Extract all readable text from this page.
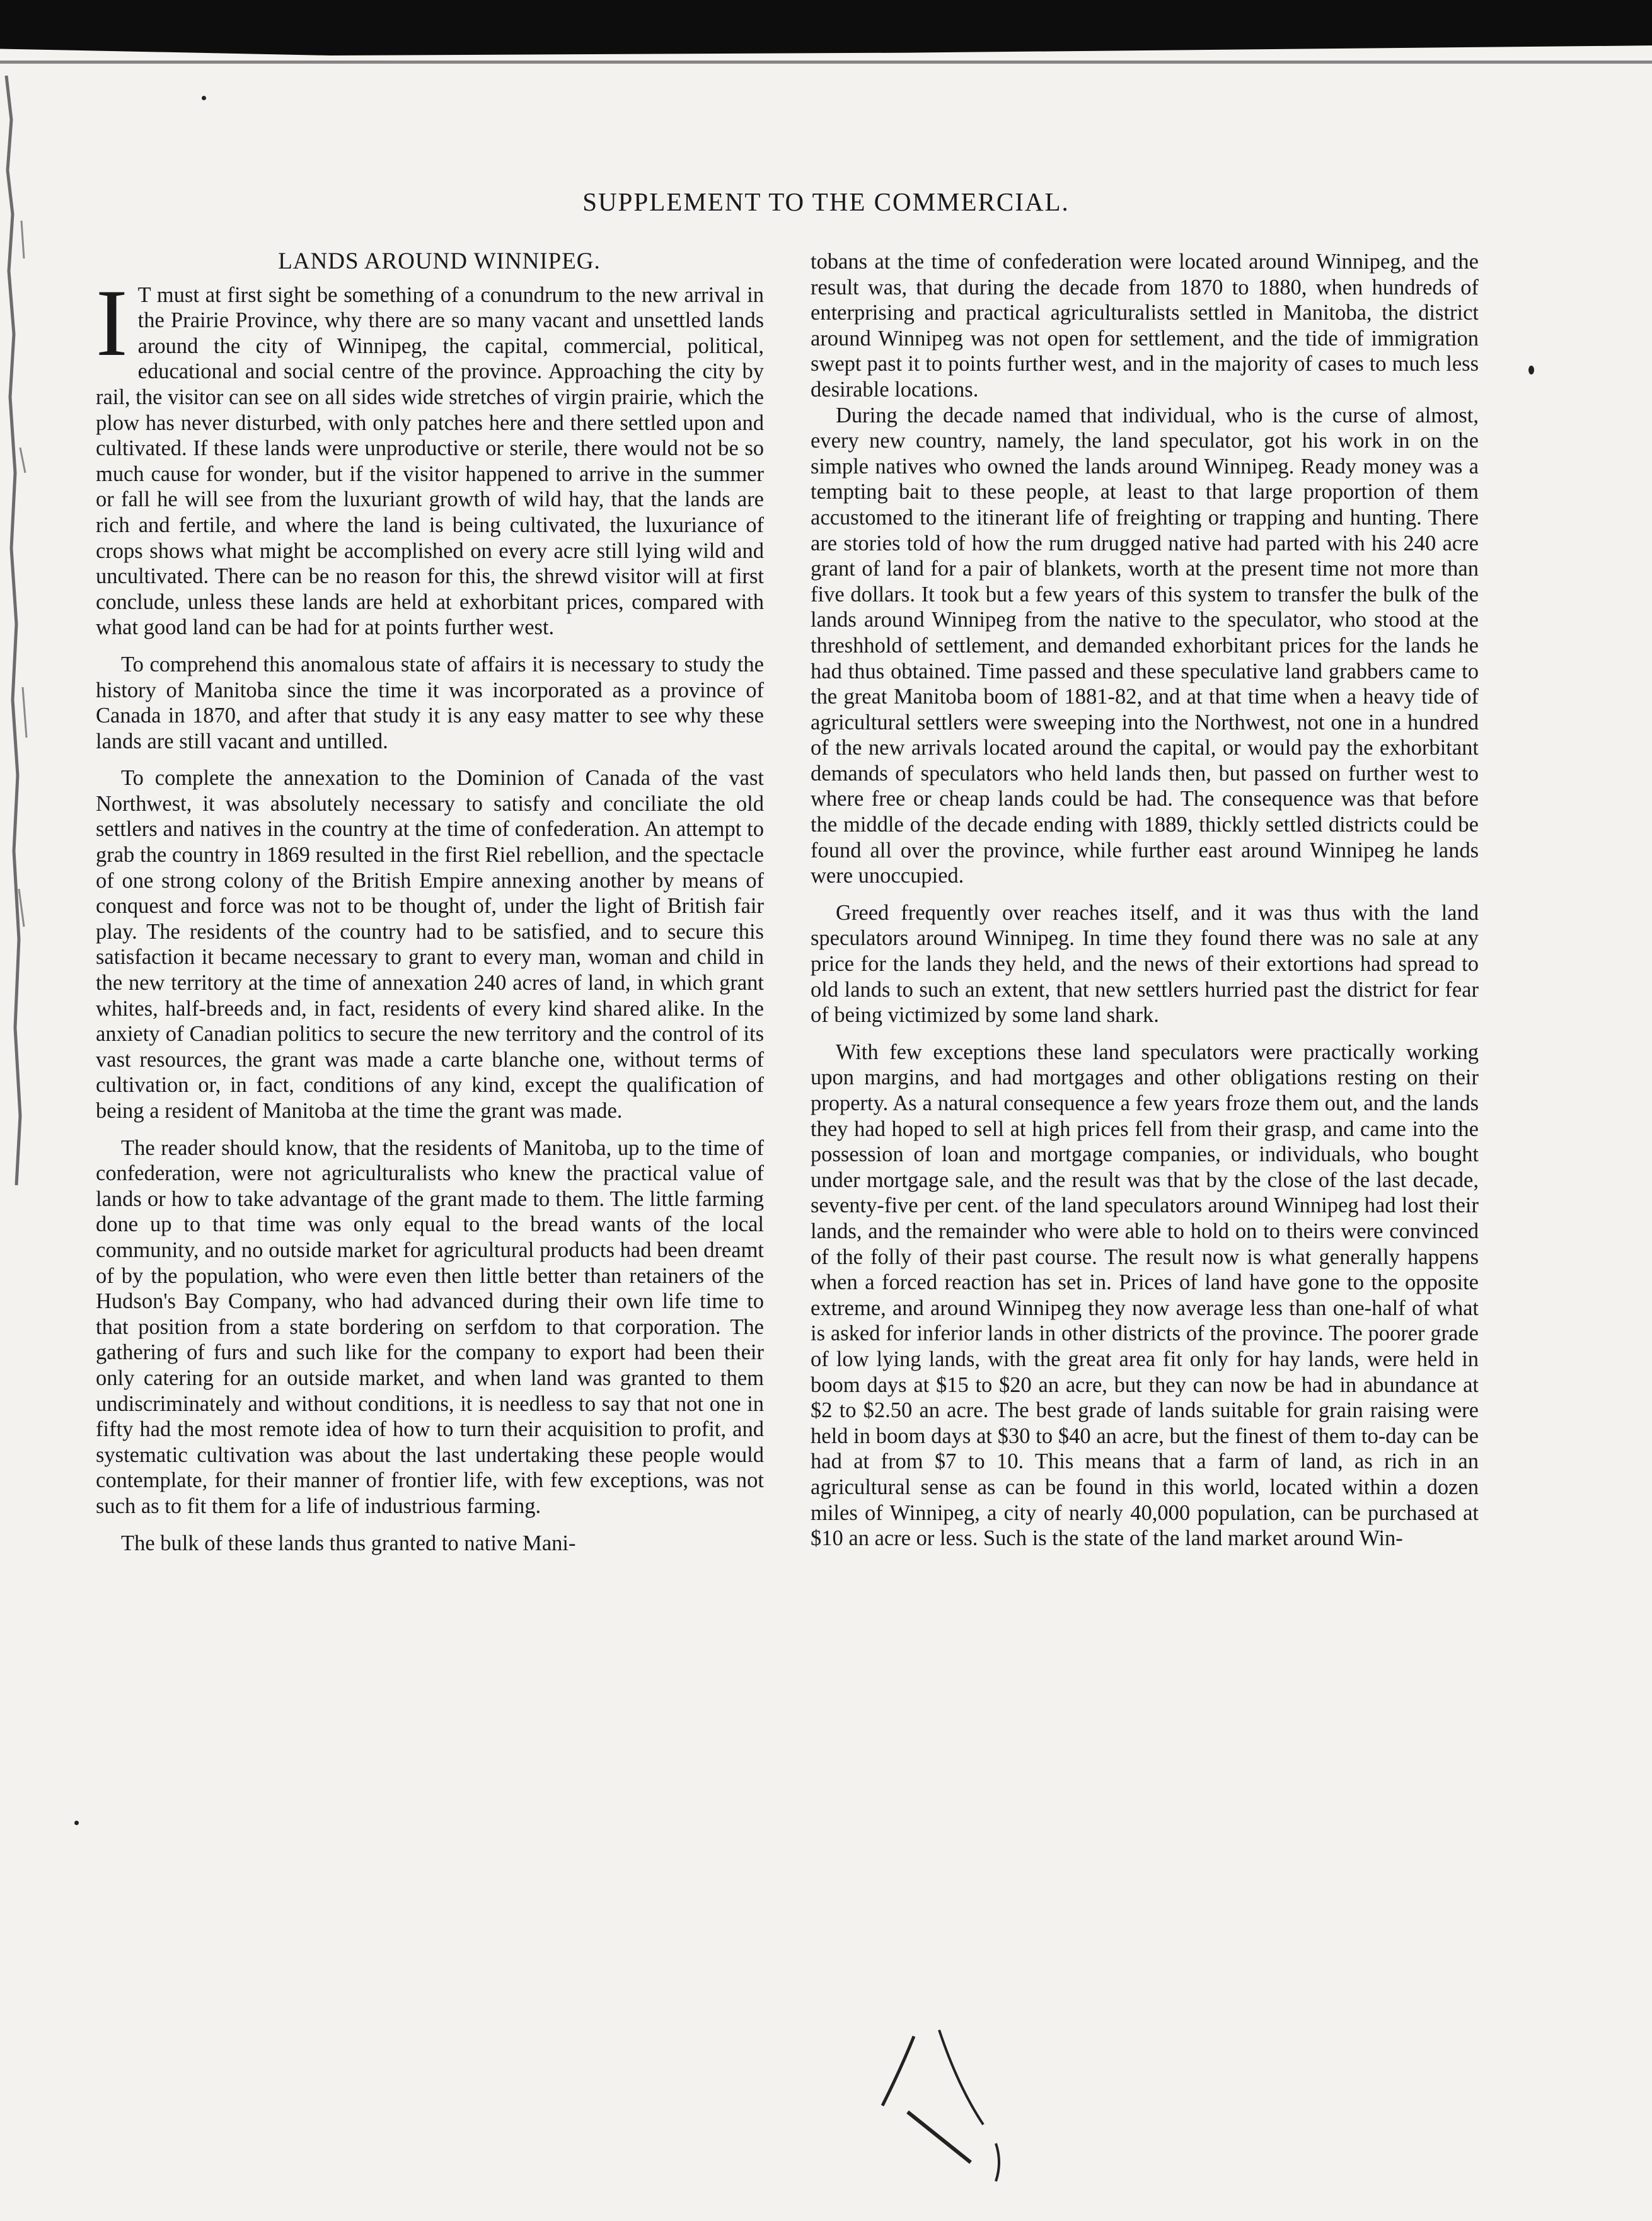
SUPPLEMENT TO THE COMMERCIAL.
LANDS AROUND WINNIPEG.

I T must at first sight be something of a conundrum to the new arrival in the Prairie Province, why there are so many vacant and unsettled lands around the city of Winnipeg, the capital, commercial, political, educational and social centre of the province. Approaching the city by rail, the visitor can see on all sides wide stretches of virgin prairie, which the plow has never disturbed, with only patches here and there settled upon and cultivated. If these lands were unproductive or sterile, there would not be so much cause for wonder, but if the visitor happened to arrive in the summer or fall he will see from the luxuriant growth of wild hay, that the lands are rich and fertile, and where the land is being cultivated, the luxuriance of crops shows what might be accomplished on every acre still lying wild and uncultivated. There can be no reason for this, the shrewd visitor will at first conclude, unless these lands are held at exhorbitant prices, compared with what good land can be had for at points further west.

To comprehend this anomalous state of affairs it is necessary to study the history of Manitoba since the time it was incorporated as a province of Canada in 1870, and after that study it is any easy matter to see why these lands are still vacant and untilled.

To complete the annexation to the Dominion of Canada of the vast Northwest, it was absolutely necessary to satisfy and conciliate the old settlers and natives in the country at the time of confederation. An attempt to grab the country in 1869 resulted in the first Riel rebellion, and the spectacle of one strong colony of the British Empire annexing another by means of conquest and force was not to be thought of, under the light of British fair play. The residents of the country had to be satisfied, and to secure this satisfaction it became necessary to grant to every man, woman and child in the new territory at the time of annexation 240 acres of land, in which grant whites, half-breeds and, in fact, residents of every kind shared alike. In the anxiety of Canadian politics to secure the new territory and the control of its vast resources, the grant was made a carte blanche one, without terms of cultivation or, in fact, conditions of any kind, except the qualification of being a resident of Manitoba at the time the grant was made.

The reader should know, that the residents of Manitoba, up to the time of confederation, were not agriculturalists who knew the practical value of lands or how to take advantage of the grant made to them. The little farming done up to that time was only equal to the bread wants of the local community, and no outside market for agricultural products had been dreamt of by the population, who were even then little better than retainers of the Hudson's Bay Company, who had advanced during their own life time to that position from a state bordering on serfdom to that corporation. The gathering of furs and such like for the company to export had been their only catering for an outside market, and when land was granted to them undiscriminately and without conditions, it is needless to say that not one in fifty had the most remote idea of how to turn their acquisition to profit, and systematic cultivation was about the last undertaking these people would contemplate, for their manner of frontier life, with few exceptions, was not such as to fit them for a life of industrious farming.

The bulk of these lands thus granted to native Mani-

tobans at the time of confederation were located around Winnipeg, and the result was, that during the decade from 1870 to 1880, when hundreds of enterprising and practical agriculturalists settled in Manitoba, the district around Winnipeg was not open for settlement, and the tide of immigration swept past it to points further west, and in the majority of cases to much less desirable locations.

During the decade named that individual, who is the curse of almost, every new country, namely, the land speculator, got his work in on the simple natives who owned the lands around Winnipeg. Ready money was a tempting bait to these people, at least to that large proportion of them accustomed to the itinerant life of freighting or trapping and hunting. There are stories told of how the rum drugged native had parted with his 240 acre grant of land for a pair of blankets, worth at the present time not more than five dollars. It took but a few years of this system to transfer the bulk of the lands around Winnipeg from the native to the speculator, who stood at the threshhold of settlement, and demanded exhorbitant prices for the lands he had thus obtained. Time passed and these speculative land grabbers came to the great Manitoba boom of 1881-82, and at that time when a heavy tide of agricultural settlers were sweeping into the Northwest, not one in a hundred of the new arrivals located around the capital, or would pay the exhorbitant demands of speculators who held lands then, but passed on further west to where free or cheap lands could be had. The consequence was that before the middle of the decade ending with 1889, thickly settled districts could be found all over the province, while further east around Winnipeg he lands were unoccupied.

Greed frequently over reaches itself, and it was thus with the land speculators around Winnipeg. In time they found there was no sale at any price for the lands they held, and the news of their extortions had spread to old lands to such an extent, that new settlers hurried past the district for fear of being victimized by some land shark.

With few exceptions these land speculators were practically working upon margins, and had mortgages and other obligations resting on their property. As a natural consequence a few years froze them out, and the lands they had hoped to sell at high prices fell from their grasp, and came into the possession of loan and mortgage companies, or individuals, who bought under mortgage sale, and the result was that by the close of the last decade, seventy-five per cent. of the land speculators around Winnipeg had lost their lands, and the remainder who were able to hold on to theirs were convinced of the folly of their past course. The result now is what generally happens when a forced reaction has set in. Prices of land have gone to the opposite extreme, and around Winnipeg they now average less than one-half of what is asked for inferior lands in other districts of the province. The poorer grade of low lying lands, with the great area fit only for hay lands, were held in boom days at $15 to $20 an acre, but they can now be had in abundance at $2 to $2.50 an acre. The best grade of lands suitable for grain raising were held in boom days at $30 to $40 an acre, but the finest of them to-day can be had at from $7 to 10. This means that a farm of land, as rich in an agricultural sense as can be found in this world, located within a dozen miles of Winnipeg, a city of nearly 40,000 population, can be purchased at $10 an acre or less. Such is the state of the land market around Win-
